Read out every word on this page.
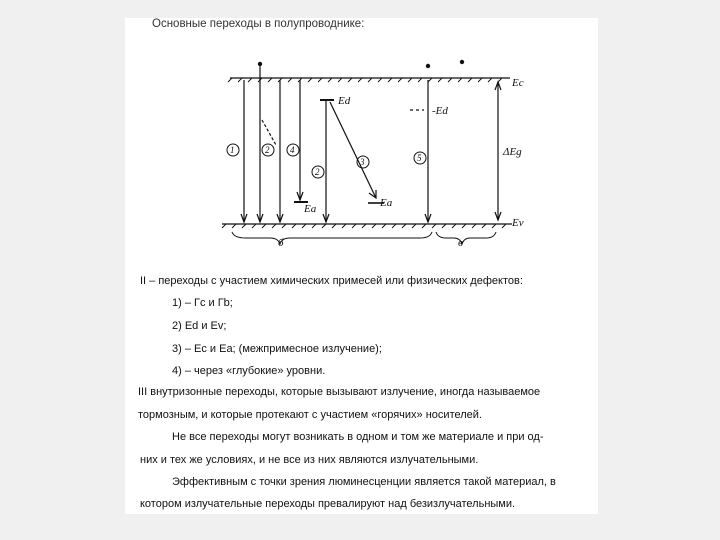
Основные переходы в полупроводнике:
1	2 4
2
3	5
Ec
Ev
Ed
-Ed
Ea	Ea
ΔEg
б	в
II – переходы с участием химических примесей или физических дефектов:
1) – Гc и Гb;
2) Ed и Ev;
3) – Ec и Ea; (межпримесное излучение);
4) – через «глубокие» уровни.
III внутризонные переходы, которые вызывают излучение, иногда называемое
тормозным, и которые протекают с участием «горячих» носителей.
Не все переходы могут возникать в одном и том же материале и при од-
них и тех же условиях, и не все из них являются излучательными.
Эффективным с точки зрения люминесценции является такой материал, в
котором излучательные переходы превалируют над безизлучательными.
